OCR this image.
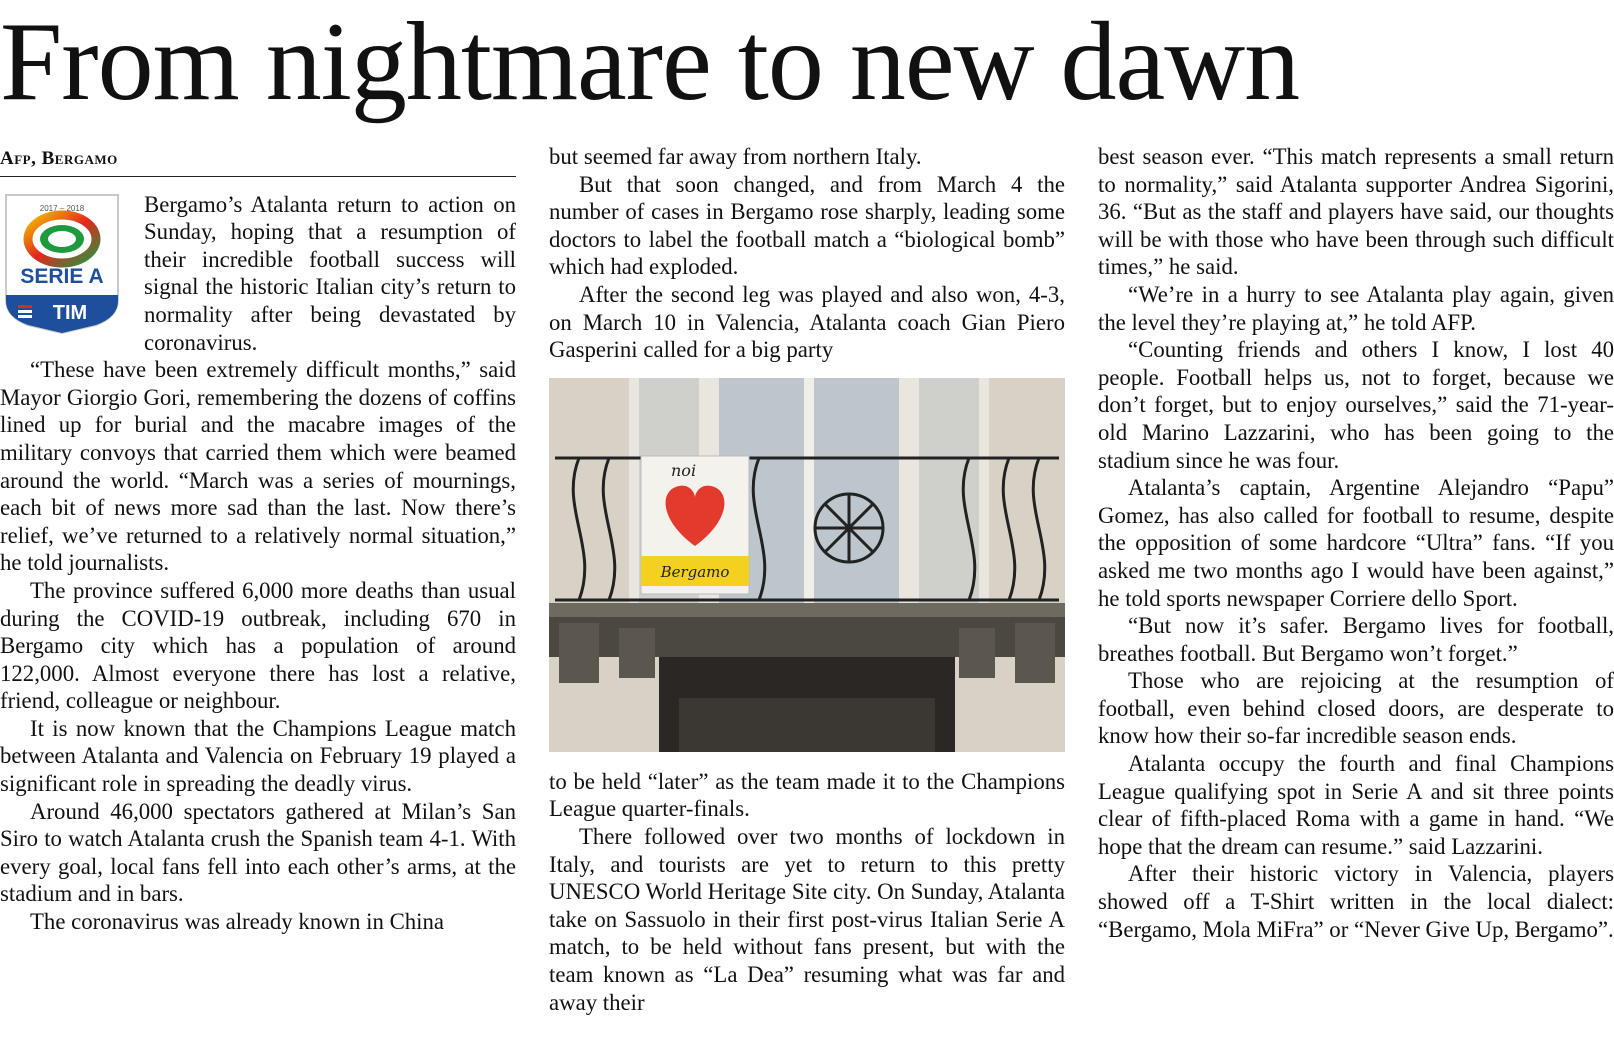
From nightmare to new dawn
Afp, Bergamo
2017 – 2018
SERIE A
TIM

Bergamo’s Atalanta return to action on Sunday, hoping that a resumption of their incredible football success will signal the historic Italian city’s return to normality after being devastated by coronavirus.

“These have been extremely difficult months,” said Mayor Giorgio Gori, remembering the dozens of coffins lined up for burial and the macabre images of the military convoys that carried them which were beamed around the world. “March was a series of mournings, each bit of news more sad than the last. Now there’s relief, we’ve returned to a relatively normal situation,” he told journalists.

The province suffered 6,000 more deaths than usual during the COVID-19 outbreak, including 670 in Bergamo city which has a population of around 122,000. Almost everyone there has lost a relative, friend, colleague or neighbour.

It is now known that the Champions League match between Atalanta and Valencia on February 19 played a significant role in spreading the deadly virus.

Around 46,000 spectators gathered at Milan’s San Siro to watch Atalanta crush the Spanish team 4-1. With every goal, local fans fell into each other’s arms, at the stadium and in bars.

The coronavirus was already known in China

but seemed far away from northern Italy.

But that soon changed, and from March 4 the number of cases in Bergamo rose sharply, leading some doctors to label the football match a “biological bomb” which had exploded.

After the second leg was played and also won, 4-3, on March 10 in Valencia, Atalanta coach Gian Piero Gasperini called for a big party

noi
Bergamo

to be held “later” as the team made it to the Champions League quarter-finals.

There followed over two months of lockdown in Italy, and tourists are yet to return to this pretty UNESCO World Heritage Site city. On Sunday, Atalanta take on Sassuolo in their first post-virus Italian Serie A match, to be held without fans present, but with the team known as “La Dea” resuming what was far and away their

best season ever. “This match represents a small return to normality,” said Atalanta supporter Andrea Sigorini, 36. “But as the staff and players have said, our thoughts will be with those who have been through such difficult times,” he said.

“We’re in a hurry to see Atalanta play again, given the level they’re playing at,” he told AFP.

“Counting friends and others I know, I lost 40 people. Football helps us, not to forget, because we don’t forget, but to enjoy ourselves,” said the 71-year-old Marino Lazzarini, who has been going to the stadium since he was four.

Atalanta’s captain, Argentine Alejandro “Papu” Gomez, has also called for football to resume, despite the opposition of some hardcore “Ultra” fans. “If you asked me two months ago I would have been against,” he told sports newspaper Corriere dello Sport.

“But now it’s safer. Bergamo lives for football, breathes football. But Bergamo won’t forget.”

Those who are rejoicing at the resumption of football, even behind closed doors, are desperate to know how their so-far incredible season ends.

Atalanta occupy the fourth and final Champions League qualifying spot in Serie A and sit three points clear of fifth-placed Roma with a game in hand. “We hope that the dream can resume.” said Lazzarini.

After their historic victory in Valencia, players showed off a T-Shirt written in the local dialect: “Bergamo, Mola MiFra” or “Never Give Up, Bergamo”.
